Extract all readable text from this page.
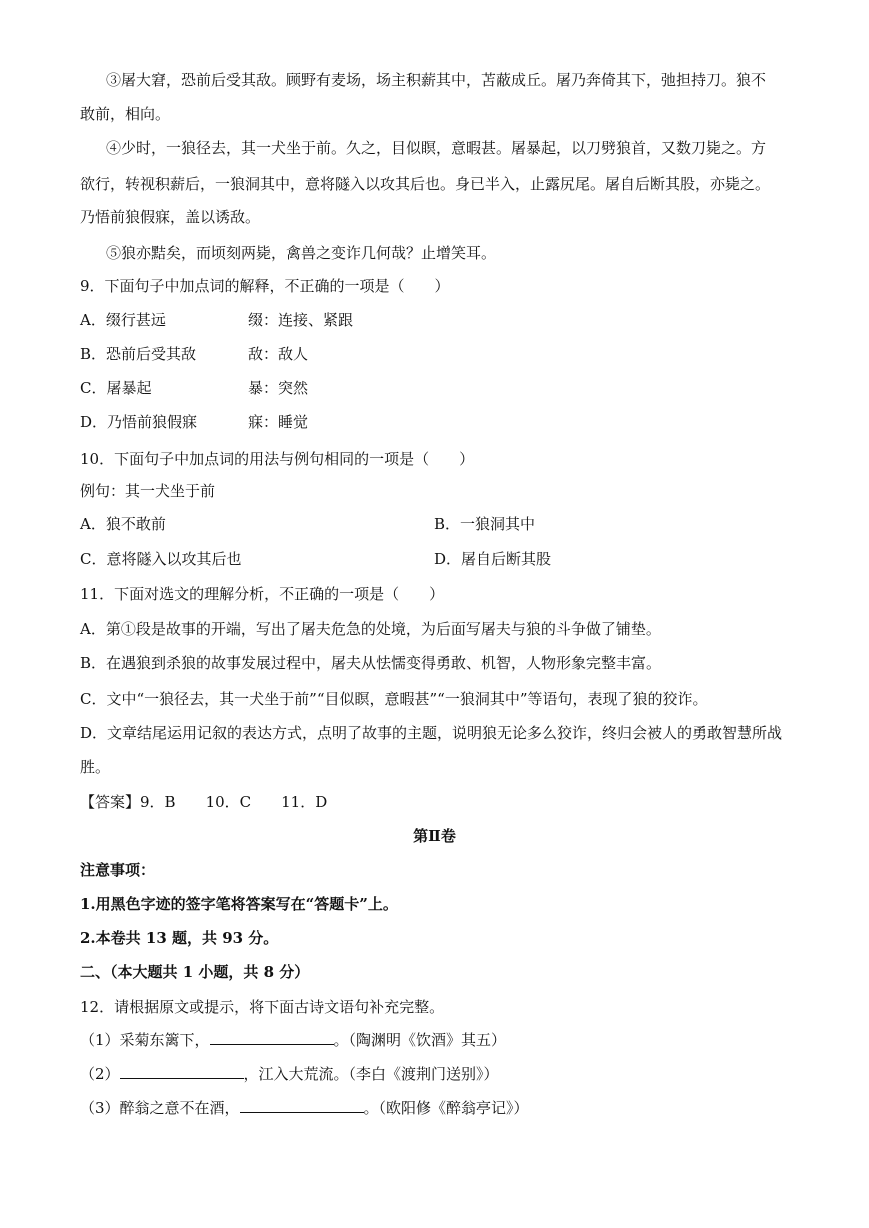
③屠大窘，恐前后受其敌。顾野有麦场，场主积薪其中，苫蔽成丘。屠乃奔倚其下，弛担持刀。狼不
敢前，相向。
④少时，一狼径去，其一犬坐于前。久之，目似瞑，意暇甚。屠暴起，以刀劈狼首，又数刀毙之。方
欲行，转视积薪后，一狼洞其中，意将隧入以攻其后也。身已半入，止露尻尾。屠自后断其股，亦毙之。
乃悟前狼假寐，盖以诱敌。
⑤狼亦黠矣，而顷刻两毙，禽兽之变诈几何哉？止增笑耳。
9．下面句子中加点词的解释，不正确的一项是（　　）
A．缀行甚远	缀：连接、紧跟
B．恐前后受其敌	敌：敌人
C．屠暴起	暴：突然
D．乃悟前狼假寐	寐：睡觉
10．下面句子中加点词的用法与例句相同的一项是（　　）
例句：其一犬坐于前
A．狼不敢前	B．一狼洞其中
C．意将隧入以攻其后也	D．屠自后断其股
11．下面对选文的理解分析，不正确的一项是（　　）
A．第①段是故事的开端，写出了屠夫危急的处境，为后面写屠夫与狼的斗争做了铺垫。
B．在遇狼到杀狼的故事发展过程中，屠夫从怯懦变得勇敢、机智，人物形象完整丰富。
C．文中“一狼径去，其一犬坐于前”“目似瞑，意暇甚”“一狼洞其中”等语句，表现了狼的狡诈。
D．文章结尾运用记叙的表达方式，点明了故事的主题，说明狼无论多么狡诈，终归会被人的勇敢智慧所战
胜。
【答案】9．B　　10．C　　11．D
第Ⅱ卷
注意事项：
1.用黑色字迹的签字笔将答案写在“答题卡”上。
2.本卷共 13 题，共 93 分。
二、（本大题共 1 小题，共 8 分）
12．请根据原文或提示，将下面古诗文语句补充完整。
（1）采菊东篱下，	。（陶渊明《饮酒》其五）
（2）	，江入大荒流。（李白《渡荆门送别》）
（3）醉翁之意不在酒，	。（欧阳修《醉翁亭记》）
